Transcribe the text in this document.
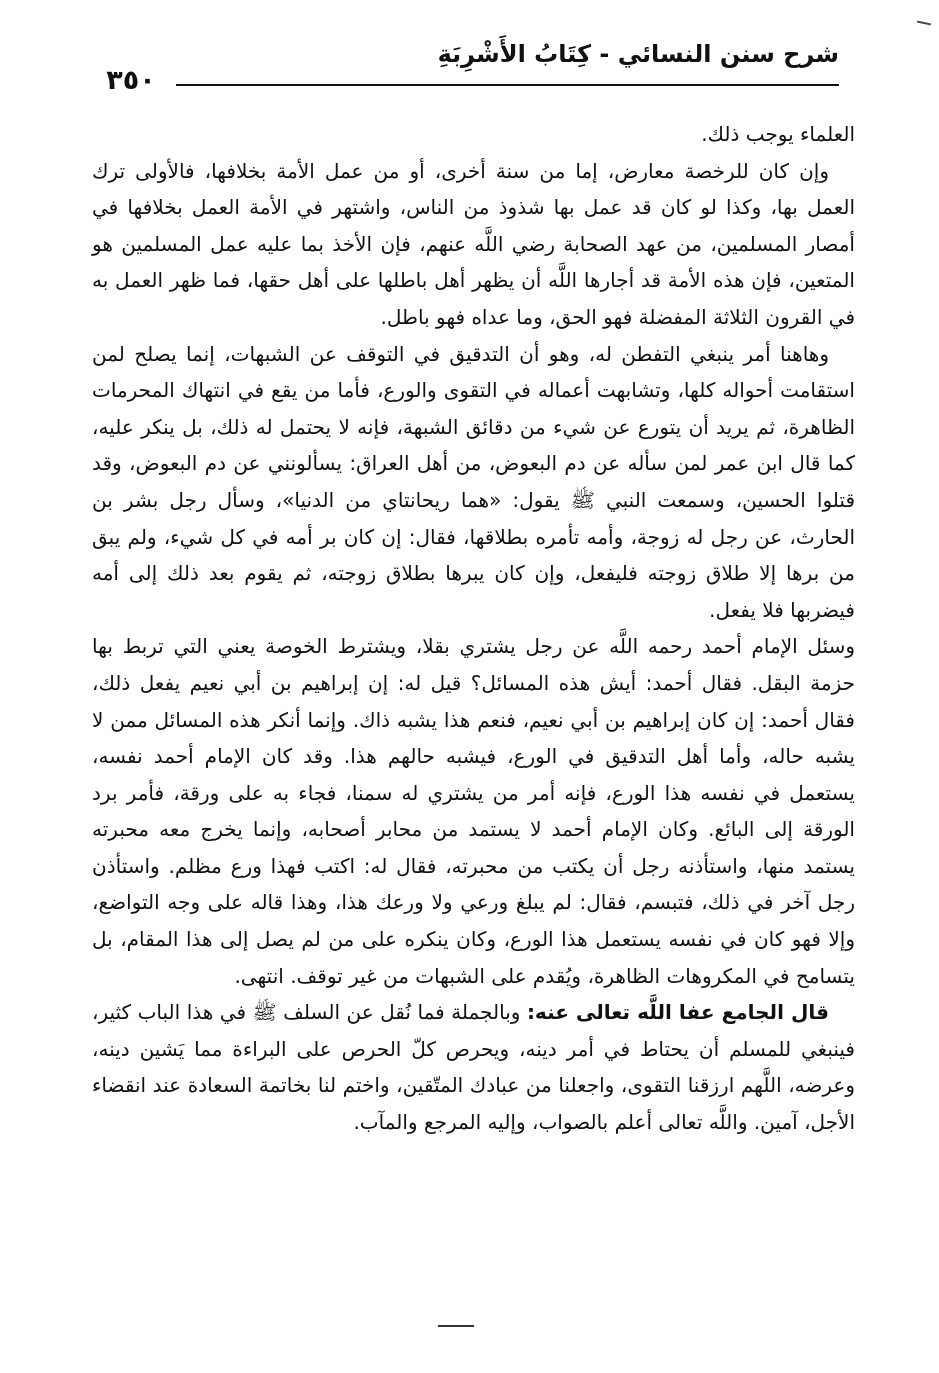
شرح سنن النسائي - كِتَابُ الأَشْرِبَةِ
٣٥٠

العلماء يوجب ذلك.

وإن كان للرخصة معارض، إما من سنة أخرى، أو من عمل الأمة بخلافها، فالأولى ترك العمل بها، وكذا لو كان قد عمل بها شذوذ من الناس، واشتهر في الأمة العمل بخلافها في أمصار المسلمين، من عهد الصحابة رضي اللَّه عنهم، فإن الأخذ بما عليه عمل المسلمين هو المتعين، فإن هذه الأمة قد أجارها اللَّه أن يظهر أهل باطلها على أهل حقها، فما ظهر العمل به في القرون الثلاثة المفضلة فهو الحق، وما عداه فهو باطل.

وهاهنا أمر ينبغي التفطن له، وهو أن التدقيق في التوقف عن الشبهات، إنما يصلح لمن استقامت أحواله كلها، وتشابهت أعماله في التقوى والورع، فأما من يقع في انتهاك المحرمات الظاهرة، ثم يريد أن يتورع عن شيء من دقائق الشبهة، فإنه لا يحتمل له ذلك، بل ينكر عليه، كما قال ابن عمر لمن سأله عن دم البعوض، من أهل العراق: يسألونني عن دم البعوض، وقد قتلوا الحسين، وسمعت النبي ﷺ يقول: «هما ريحانتاي من الدنيا»، وسأل رجل بشر بن الحارث، عن رجل له زوجة، وأمه تأمره بطلاقها، فقال: إن كان بر أمه في كل شيء، ولم يبق من برها إلا طلاق زوجته فليفعل، وإن كان يبرها بطلاق زوجته، ثم يقوم بعد ذلك إلى أمه فيضربها فلا يفعل.

وسئل الإمام أحمد رحمه اللَّه عن رجل يشتري بقلا، ويشترط الخوصة يعني التي تربط بها حزمة البقل. فقال أحمد: أيش هذه المسائل؟ قيل له: إن إبراهيم بن أبي نعيم يفعل ذلك، فقال أحمد: إن كان إبراهيم بن أبي نعيم، فنعم هذا يشبه ذاك. وإنما أنكر هذه المسائل ممن لا يشبه حاله، وأما أهل التدقيق في الورع، فيشبه حالهم هذا. وقد كان الإمام أحمد نفسه، يستعمل في نفسه هذا الورع، فإنه أمر من يشتري له سمنا، فجاء به على ورقة، فأمر برد الورقة إلى البائع. وكان الإمام أحمد لا يستمد من محابر أصحابه، وإنما يخرج معه محبرته يستمد منها، واستأذنه رجل أن يكتب من محبرته، فقال له: اكتب فهذا ورع مظلم. واستأذن رجل آخر في ذلك، فتبسم، فقال: لم يبلغ ورعي ولا ورعك هذا، وهذا قاله على وجه التواضع، وإلا فهو كان في نفسه يستعمل هذا الورع، وكان ينكره على من لم يصل إلى هذا المقام، بل يتسامح في المكروهات الظاهرة، ويُقدم على الشبهات من غير توقف. انتهى.

قال الجامع عفا اللَّه تعالى عنه: وبالجملة فما نُقل عن السلف ﷺ في هذا الباب كثير، فينبغي للمسلم أن يحتاط في أمر دينه، ويحرص كلّ الحرص على البراءة مما يَشين دينه، وعرضه، اللَّهم ارزقنا التقوى، واجعلنا من عبادك المتّقين، واختم لنا بخاتمة السعادة عند انقضاء الأجل، آمين. واللَّه تعالى أعلم بالصواب، وإليه المرجع والمآب.
